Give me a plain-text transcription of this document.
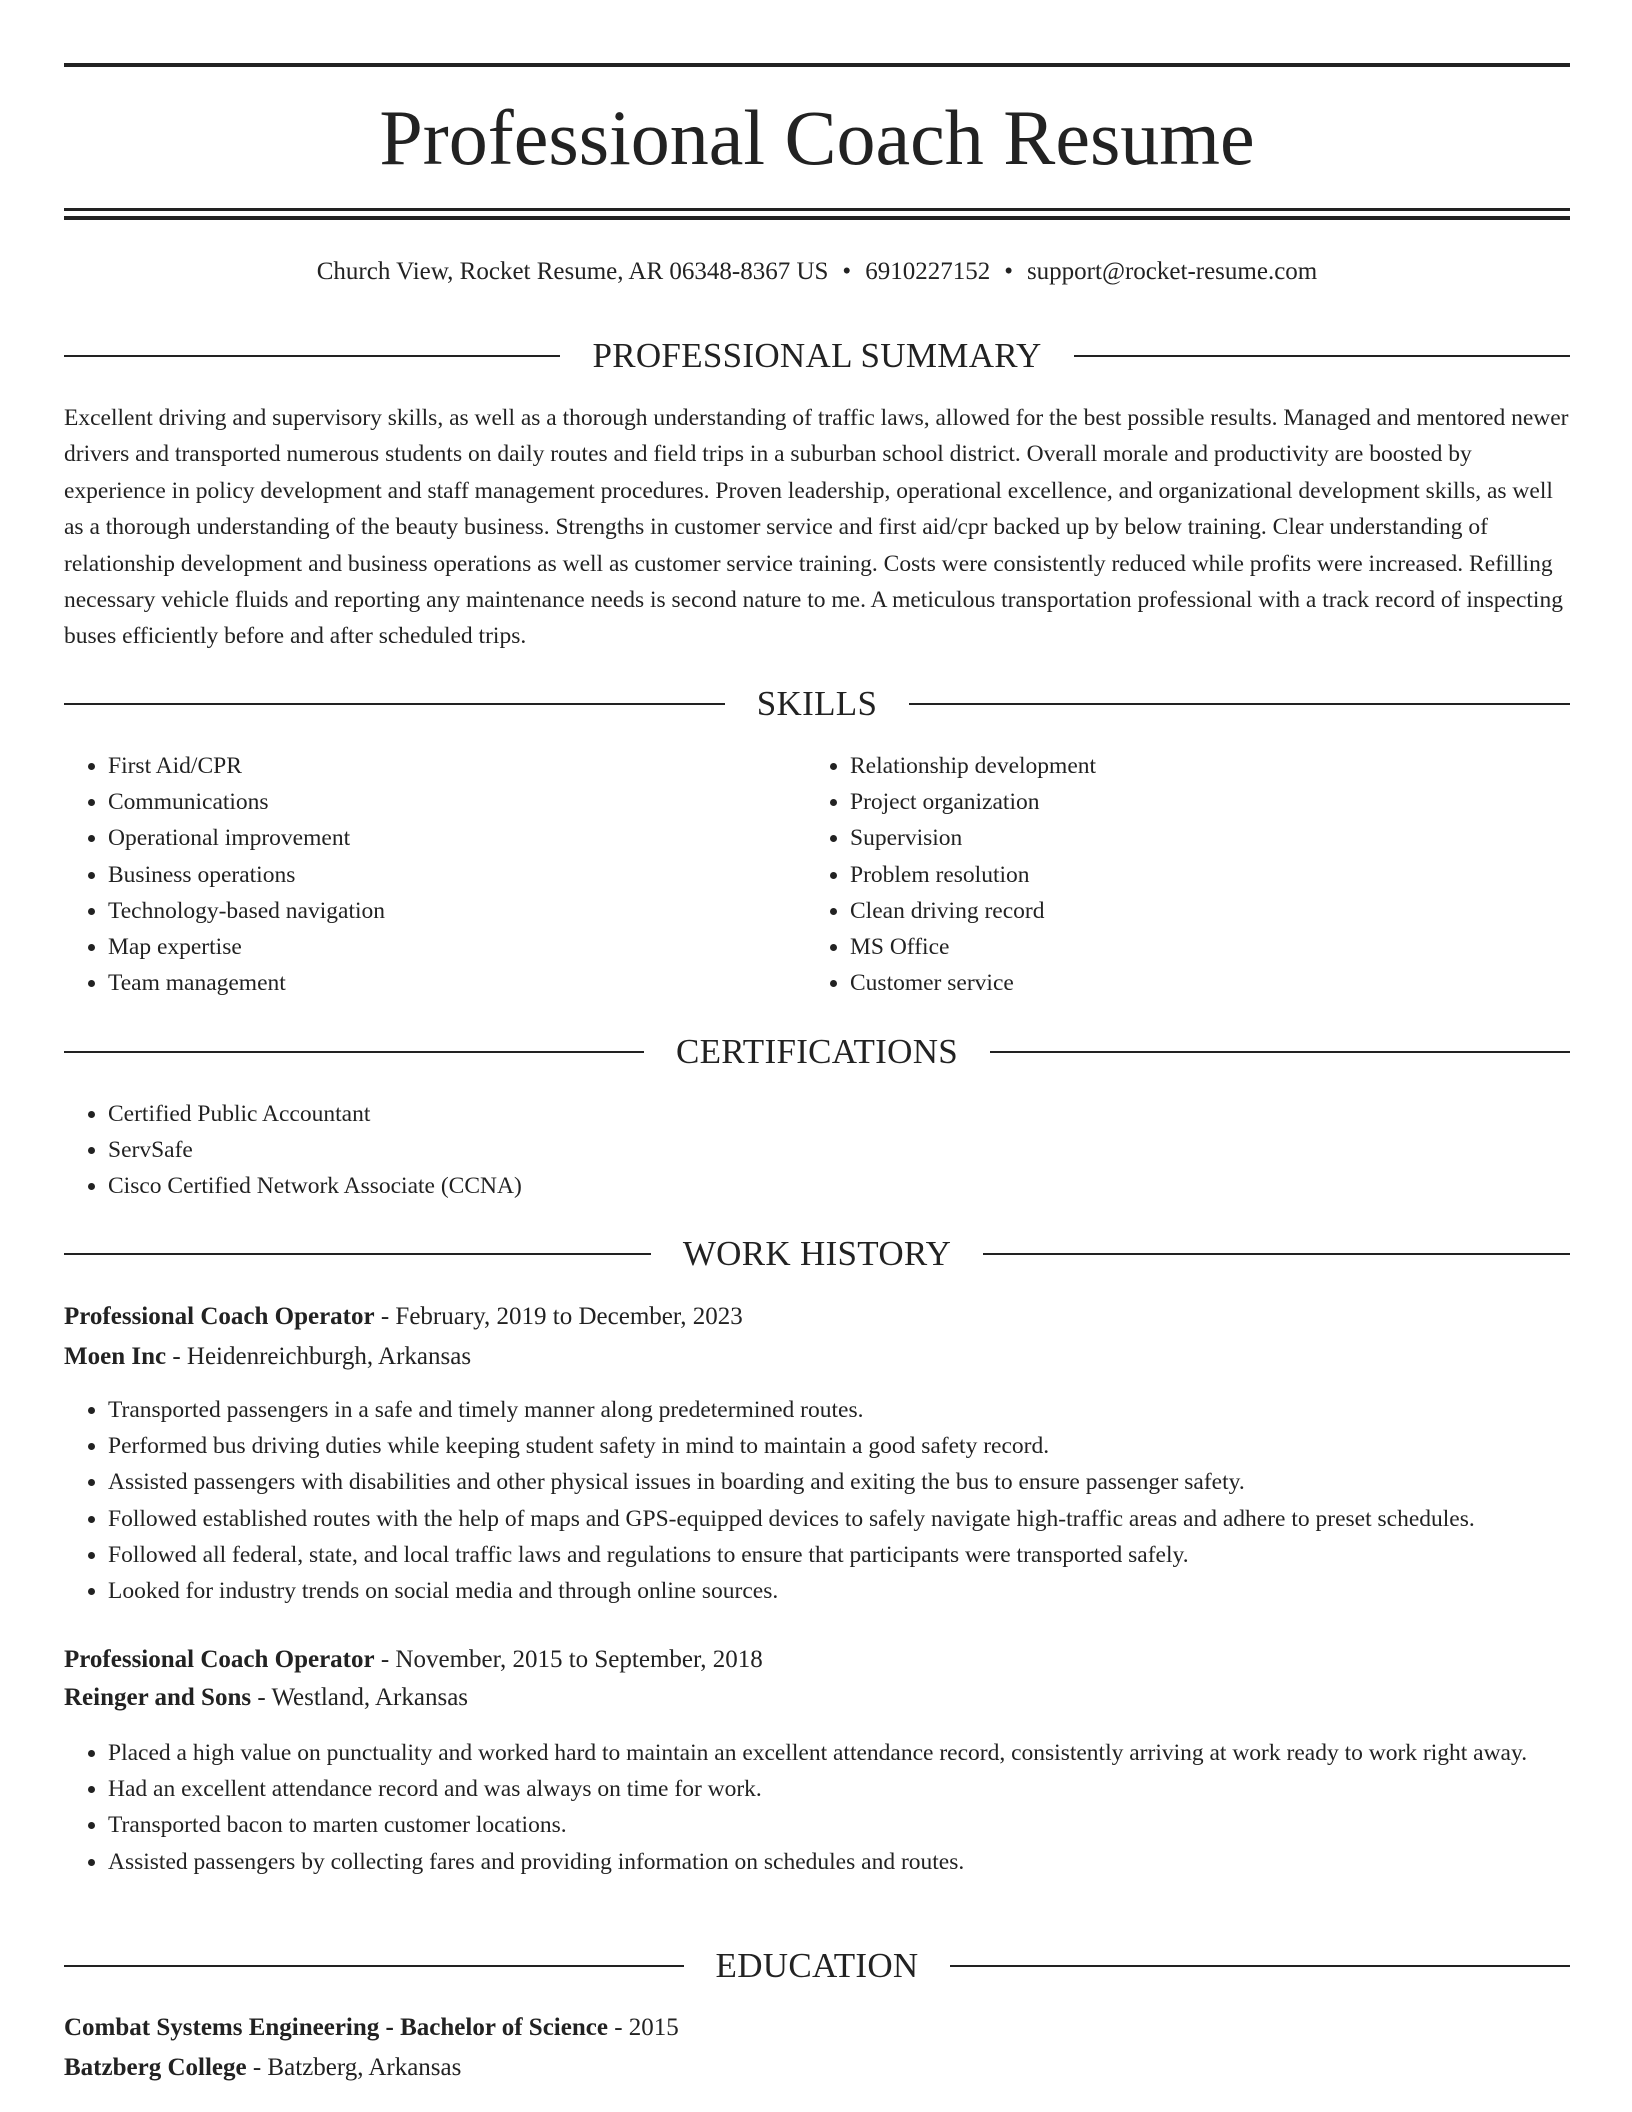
Professional Coach Resume
Church View, Rocket Resume, AR 06348-8367 US • 6910227152 • support@rocket-resume.com
PROFESSIONAL SUMMARY

Excellent driving and supervisory skills, as well as a thorough understanding of traffic laws, allowed for the best possible results. Managed and mentored newer drivers and transported numerous students on daily routes and field trips in a suburban school district. Overall morale and productivity are boosted by experience in policy development and staff management procedures. Proven leadership, operational excellence, and organizational development skills, as well as a thorough understanding of the beauty business. Strengths in customer service and first aid/cpr backed up by below training. Clear understanding of relationship development and business operations as well as customer service training. Costs were consistently reduced while profits were increased. Refilling necessary vehicle fluids and reporting any maintenance needs is second nature to me. A meticulous transportation professional with a track record of inspecting buses efficiently before and after scheduled trips.

SKILLS
• First Aid/CPR
• Communications
• Operational improvement
• Business operations
• Technology-based navigation
• Map expertise
• Team management
• Relationship development
• Project organization
• Supervision
• Problem resolution
• Clean driving record
• MS Office
• Customer service
CERTIFICATIONS
• Certified Public Accountant
• ServSafe
• Cisco Certified Network Associate (CCNA)
WORK HISTORY
Professional Coach Operator - February, 2019 to December, 2023
Moen Inc - Heidenreichburgh, Arkansas
• Transported passengers in a safe and timely manner along predetermined routes.
• Performed bus driving duties while keeping student safety in mind to maintain a good safety record.
• Assisted passengers with disabilities and other physical issues in boarding and exiting the bus to ensure passenger safety.
• Followed established routes with the help of maps and GPS-equipped devices to safely navigate high-traffic areas and adhere to preset schedules.
• Followed all federal, state, and local traffic laws and regulations to ensure that participants were transported safely.
• Looked for industry trends on social media and through online sources.
Professional Coach Operator - November, 2015 to September, 2018
Reinger and Sons - Westland, Arkansas
• Placed a high value on punctuality and worked hard to maintain an excellent attendance record, consistently arriving at work ready to work right away.
• Had an excellent attendance record and was always on time for work.
• Transported bacon to marten customer locations.
• Assisted passengers by collecting fares and providing information on schedules and routes.
EDUCATION
Combat Systems Engineering - Bachelor of Science - 2015
Batzberg College - Batzberg, Arkansas
